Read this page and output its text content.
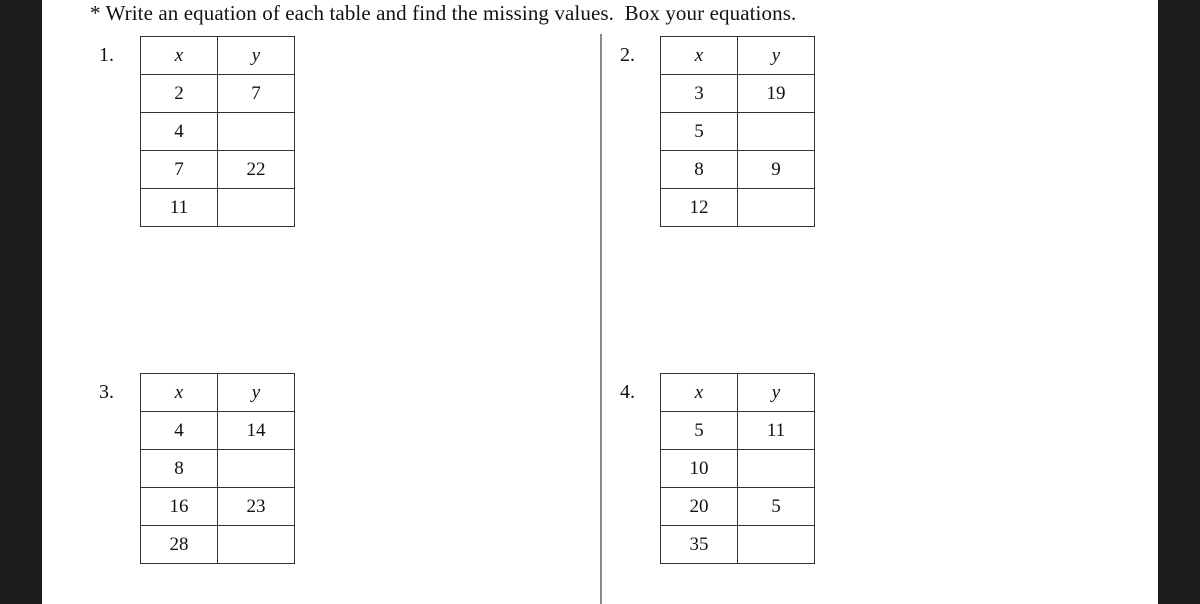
* Write an equation of each table and find the missing values.  Box your equations.
1.	x	y
2	7
4	
7	22
11	
2.	x	y
3	19
5	
8	9
12	
3.	x	y
4	14
8	
16	23
28	
4.	x	y
5	11
10	
20	5
35	
